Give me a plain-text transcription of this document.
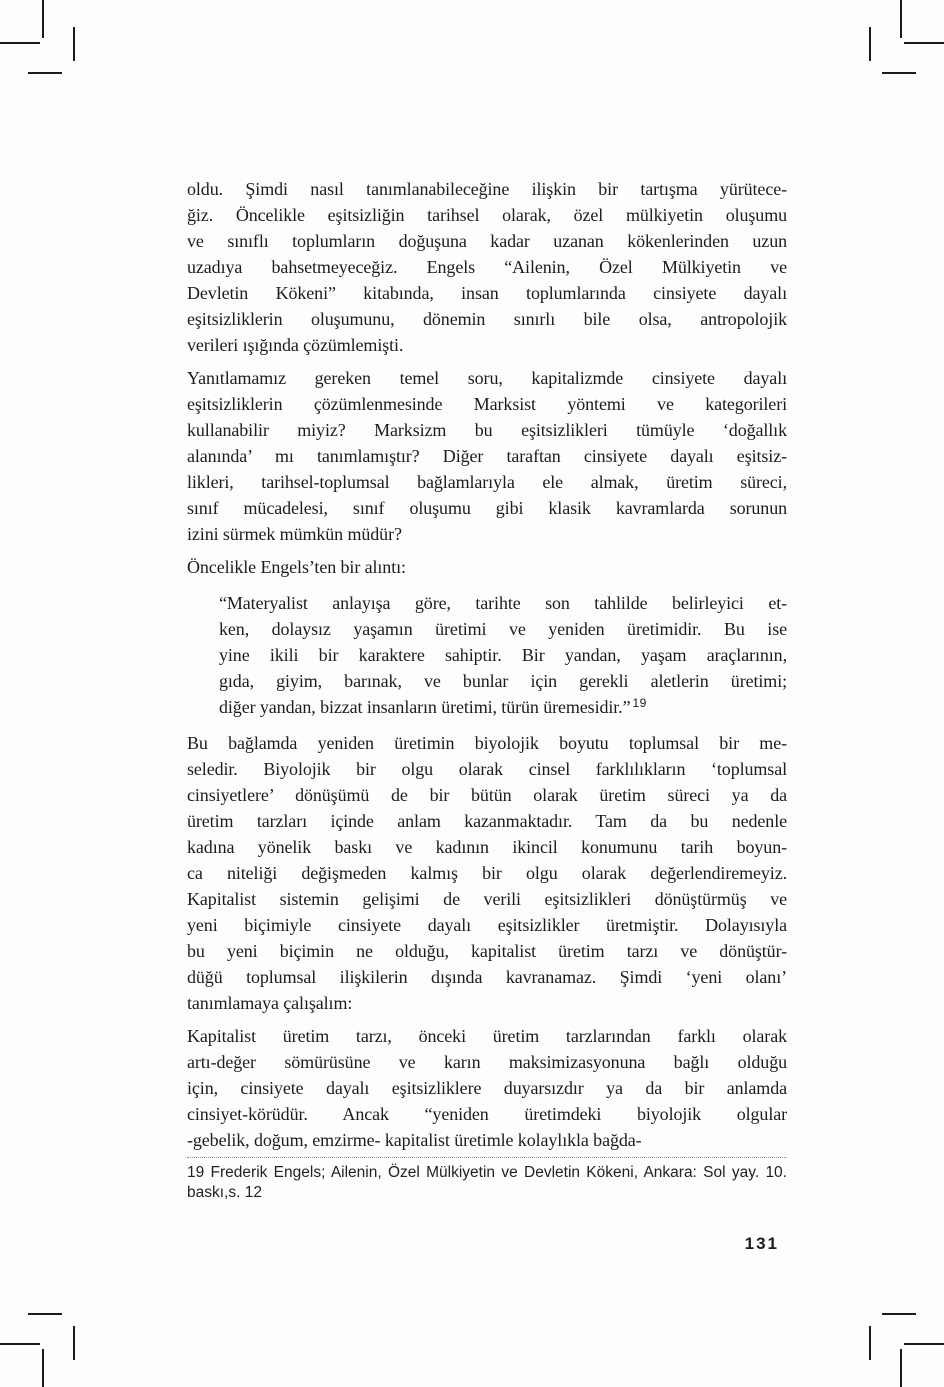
oldu. Şimdi nasıl tanımlanabileceğine ilişkin bir tartışma yürütece-
ğiz. Öncelikle eşitsizliğin tarihsel olarak, özel mülkiyetin oluşumu
ve sınıflı toplumların doğuşuna kadar uzanan kökenlerinden uzun
uzadıya bahsetmeyeceğiz. Engels “Ailenin, Özel Mülkiyetin ve
Devletin Kökeni” kitabında, insan toplumlarında cinsiyete dayalı
eşitsizliklerin oluşumunu, dönemin sınırlı bile olsa, antropolojik
verileri ışığında çözümlemişti.
Yanıtlamamız gereken temel soru, kapitalizmde cinsiyete dayalı
eşitsizliklerin çözümlenmesinde Marksist yöntemi ve kategorileri
kullanabilir miyiz? Marksizm bu eşitsizlikleri tümüyle ‘doğallık
alanında’ mı tanımlamıştır? Diğer taraftan cinsiyete dayalı eşitsiz-
likleri, tarihsel-toplumsal bağlamlarıyla ele almak, üretim süreci,
sınıf mücadelesi, sınıf oluşumu gibi klasik kavramlarda sorunun
izini sürmek mümkün müdür?
Öncelikle Engels’ten bir alıntı:
“Materyalist anlayışa göre, tarihte son tahlilde belirleyici et-
ken, dolaysız yaşamın üretimi ve yeniden üretimidir. Bu ise
yine ikili bir karaktere sahiptir. Bir yandan, yaşam araçlarının,
gıda, giyim, barınak, ve bunlar için gerekli aletlerin üretimi;
diğer yandan, bizzat insanların üretimi, türün üremesidir.” $^{19}$
Bu bağlamda yeniden üretimin biyolojik boyutu toplumsal bir me-
seledir. Biyolojik bir olgu olarak cinsel farklılıkların ‘toplumsal
cinsiyetlere’ dönüşümü de bir bütün olarak üretim süreci ya da
üretim tarzları içinde anlam kazanmaktadır. Tam da bu nedenle
kadına yönelik baskı ve kadının ikincil konumunu tarih boyun-
ca niteliği değişmeden kalmış bir olgu olarak değerlendiremeyiz.
Kapitalist sistemin gelişimi de verili eşitsizlikleri dönüştürmüş ve
yeni biçimiyle cinsiyete dayalı eşitsizlikler üretmiştir. Dolayısıyla
bu yeni biçimin ne olduğu, kapitalist üretim tarzı ve dönüştür-
düğü toplumsal ilişkilerin dışında kavranamaz. Şimdi ‘yeni olanı’
tanımlamaya çalışalım:
Kapitalist üretim tarzı, önceki üretim tarzlarından farklı olarak
artı-değer sömürüsüne ve karın maksimizasyonuna bağlı olduğu
için, cinsiyete dayalı eşitsizliklere duyarsızdır ya da bir anlamda
cinsiyet-körüdür. Ancak “yeniden üretimdeki biyolojik olgular
-gebelik, doğum, emzirme- kapitalist üretimle kolaylıkla bağda-
19 Frederik Engels; Ailenin, Özel Mülkiyetin ve Devletin Kökeni, Ankara: Sol yay. 10.
baskı,s. 12
131
